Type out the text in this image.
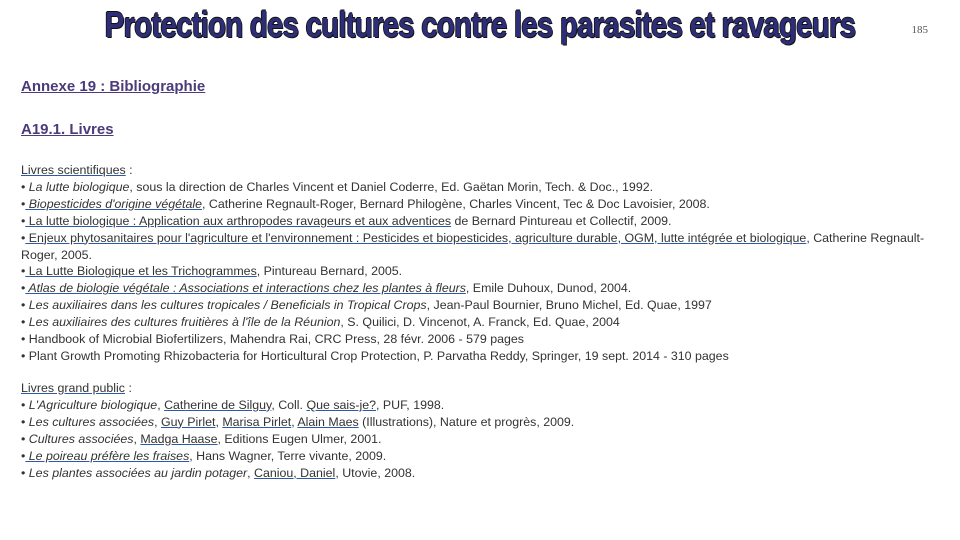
Protection des cultures contre les parasites et ravageurs	185
Annexe 19 : Bibliographie
A19.1. Livres
Livres scientifiques :
• La lutte biologique, sous la direction de Charles Vincent et Daniel Coderre, Ed. Gaëtan Morin, Tech. & Doc., 1992.
• Biopesticides d'origine végétale, Catherine Regnault-Roger, Bernard Philogène, Charles Vincent, Tec & Doc Lavoisier, 2008.
• La lutte biologique : Application aux arthropodes ravageurs et aux adventices de Bernard Pintureau et Collectif, 2009.
• Enjeux phytosanitaires pour l'agriculture et l'environnement : Pesticides et biopesticides, agriculture durable, OGM, lutte intégrée et biologique, Catherine Regnault-Roger, 2005.
• La Lutte Biologique et les Trichogrammes, Pintureau Bernard, 2005.
• Atlas de biologie végétale : Associations et interactions chez les plantes à fleurs, Emile Duhoux, Dunod, 2004.
• Les auxiliaires dans les cultures tropicales / Beneficials in Tropical Crops, Jean-Paul Bournier, Bruno Michel, Ed. Quae, 1997
• Les auxiliaires des cultures fruitières à l'île de la Réunion, S. Quilici, D. Vincenot, A. Franck, Ed. Quae, 2004
• Handbook of Microbial Biofertilizers, Mahendra Rai, CRC Press, 28 févr. 2006 - 579 pages
• Plant Growth Promoting Rhizobacteria for Horticultural Crop Protection, P. Parvatha Reddy, Springer, 19 sept. 2014 - 310 pages
Livres grand public :
• L'Agriculture biologique, Catherine de Silguy, Coll. Que sais-je?, PUF, 1998.
• Les cultures associées, Guy Pirlet, Marisa Pirlet, Alain Maes (Illustrations), Nature et progrès, 2009.
• Cultures associées, Madga Haase, Editions Eugen Ulmer, 2001.
• Le poireau préfère les fraises, Hans Wagner, Terre vivante, 2009.
• Les plantes associées au jardin potager, Caniou, Daniel, Utovie, 2008.
